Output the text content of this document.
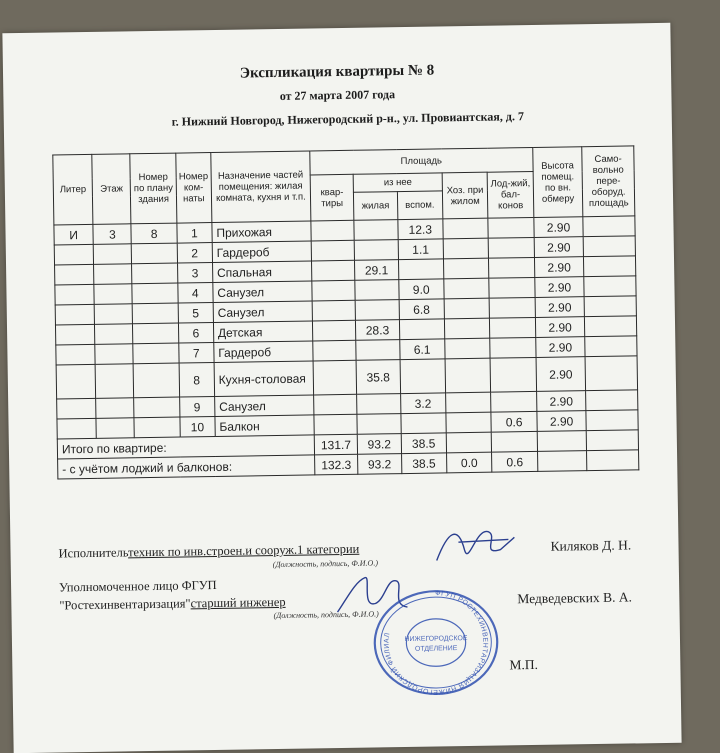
Экспликация квартиры № 8
от 27 марта 2007 года
г. Нижний Новгород, Нижегородский р-н., ул. Провиантская, д. 7
Литер	Этаж	Номер по плану здания	Номер ком-наты	Назначение частей помещения: жилая комната, кухня и т.п.	Площадь					Высота помещ. по вн. обмеру	Само-вольно пере-оборуд. площадь
					квар-тиры	из нее		Хоз. при жилом	Лод-жий, бал-конов		
						жилая	вспом.				
И	3	8	1	Прихожая			12.3			2.90	
			2	Гардероб			1.1			2.90	
			3	Спальная		29.1				2.90	
			4	Санузел			9.0			2.90	
			5	Санузел			6.8			2.90	
			6	Детская		28.3				2.90	
			7	Гардероб			6.1			2.90	
			8	Кухня-столовая		35.8				2.90	
			9	Санузел			3.2			2.90	
			10	Балкон					0.6	2.90	
Итого по квартире:					131.7	93.2	38.5				
- с учётом лоджий и балконов:					132.3	93.2	38.5	0.0	0.6		
Исполнительтехник по инв.строен.и сооруж.1 категории
(Должность, подпись, Ф.И.О.)
Киляков Д. Н.
Уполномоченное лицо ФГУП
"Ростехинвентаризация"старший инженер
(Должность, подпись, Ф.И.О.)
Медведевских В. А.
ФГУП РОСТЕХИНВЕНТАРИЗАЦИЯ НИЖЕГОРОДСКИЙ ФИЛИАЛ
НИЖЕГОРОДСКОЕ
ОТДЕЛЕНИЕ
М.П.
